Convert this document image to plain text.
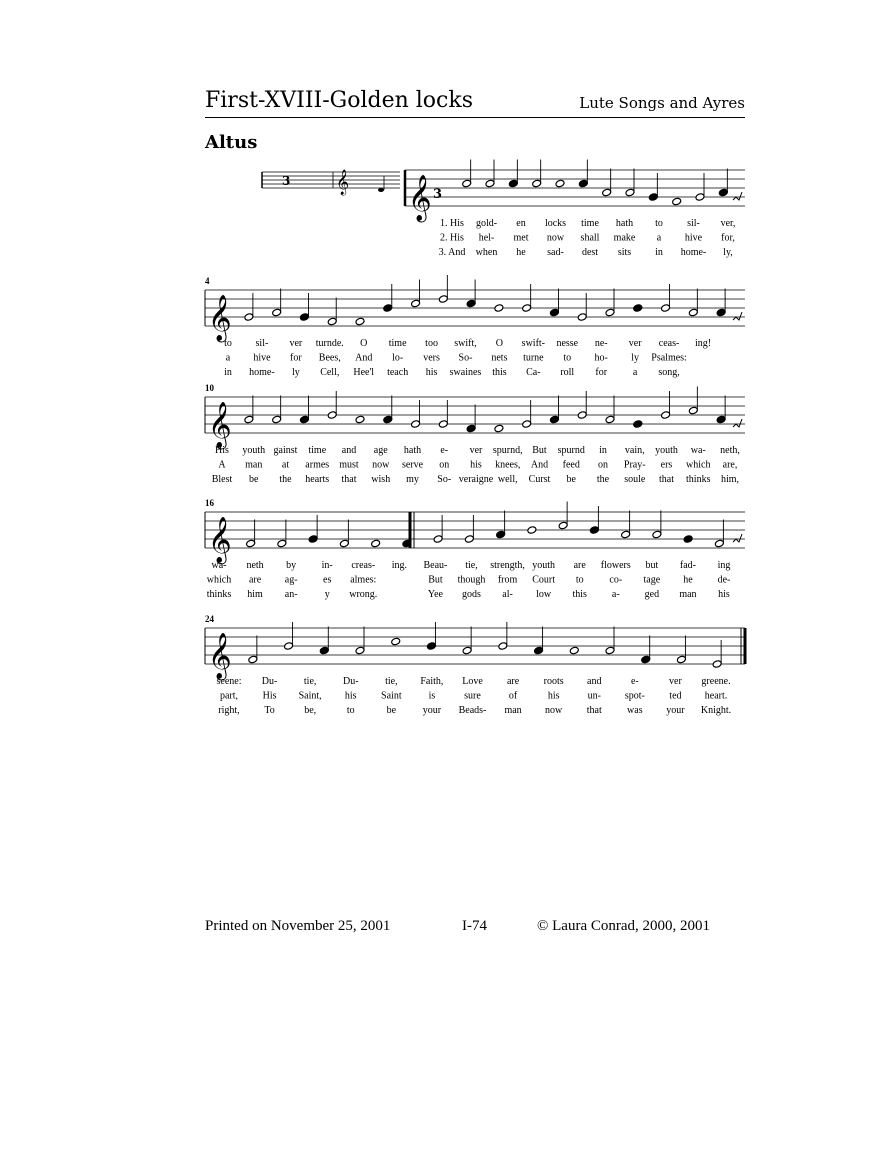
First-XVIII-Golden locks	Lute Songs and Ayres
Altus
3 𝄞 𝄞 3
1. His gold- en locks time hath to sil- ver,
2. His hel- met now shall make a hive for,
3. And when he sad- dest sits in home- ly,
𝄞
4
to sil- ver turnde. O time too swift, O swift- nesse ne- ver ceas- ing!
a hive for Bees, And lo- vers So- nets turne to ho- ly Psalmes:
in home- ly Cell, Hee'l teach his swaines this Ca- roll for	a song,
𝄞
10
His youth gainst time and age hath e- ver spurnd, But spurnd in vain, youth wa- neth,
A man at armes must now serve on his knees, And feed on Pray- ers which are,
Blest be the hearts that wish my So- veraigne well, Curst be the soule that thinks him,
𝄞
16
wa- neth by	in- creas- ing. Beau- tie, strength, youth are flowers but fad- ing
which are ag-	es almes:	But though from Court to	co- tage he de-
thinks him an-	y wrong.	Yee gods al- low this a- ged man his
𝄞
24
seene: Du-	tie,	Du-	tie, Faith, Love are roots and	e-	ver greene.
part, His Saint, his Saint	is	sure	of	his	un- spot- ted heart.
right, To	be,	to	be	your Beads- man now that	was your Knight.
Printed on November 25, 2001	I-74	© Laura Conrad, 2000, 2001
